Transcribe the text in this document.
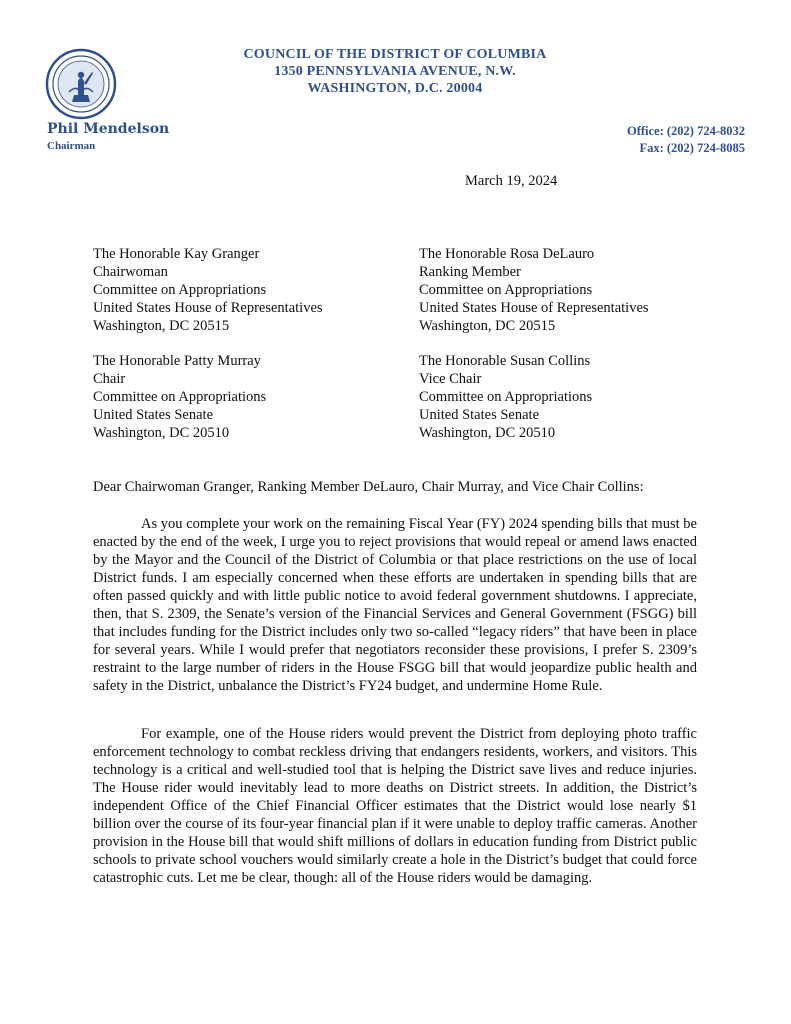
COUNCIL OF THE DISTRICT OF COLUMBIA
1350 PENNSYLVANIA AVENUE, N.W.
WASHINGTON, D.C. 20004
Phil Mendelson
Chairman
Office: (202) 724-8032
Fax: (202) 724-8085
March 19, 2024
The Honorable Kay Granger
Chairwoman
Committee on Appropriations
United States House of Representatives
Washington, DC 20515
The Honorable Rosa DeLauro
Ranking Member
Committee on Appropriations
United States House of Representatives
Washington, DC 20515
The Honorable Patty Murray
Chair
Committee on Appropriations
United States Senate
Washington, DC 20510
The Honorable Susan Collins
Vice Chair
Committee on Appropriations
United States Senate
Washington, DC 20510
Dear Chairwoman Granger, Ranking Member DeLauro, Chair Murray, and Vice Chair Collins:

As you complete your work on the remaining Fiscal Year (FY) 2024 spending bills that must be enacted by the end of the week, I urge you to reject provisions that would repeal or amend laws enacted by the Mayor and the Council of the District of Columbia or that place restrictions on the use of local District funds. I am especially concerned when these efforts are undertaken in spending bills that are often passed quickly and with little public notice to avoid federal government shutdowns. I appreciate, then, that S. 2309, the Senate’s version of the Financial Services and General Government (FSGG) bill that includes funding for the District includes only two so-called “legacy riders” that have been in place for several years. While I would prefer that negotiators reconsider these provisions, I prefer S. 2309’s restraint to the large number of riders in the House FSGG bill that would jeopardize public health and safety in the District, unbalance the District’s FY24 budget, and undermine Home Rule.

For example, one of the House riders would prevent the District from deploying photo traffic enforcement technology to combat reckless driving that endangers residents, workers, and visitors. This technology is a critical and well-studied tool that is helping the District save lives and reduce injuries. The House rider would inevitably lead to more deaths on District streets. In addition, the District’s independent Office of the Chief Financial Officer estimates that the District would lose nearly $1 billion over the course of its four-year financial plan if it were unable to deploy traffic cameras. Another provision in the House bill that would shift millions of dollars in education funding from District public schools to private school vouchers would similarly create a hole in the District’s budget that could force catastrophic cuts. Let me be clear, though: all of the House riders would be damaging.
